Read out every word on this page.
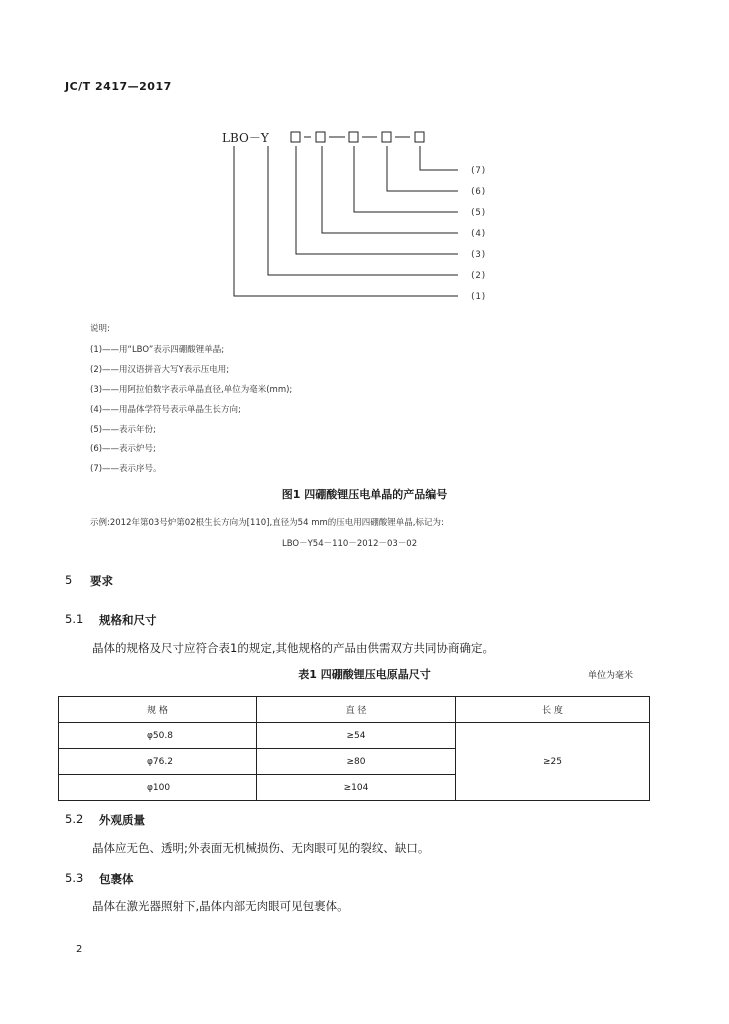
JC/T 2417—2017
LBO－Y
(7)
(6)
(5)
(4)
(3)
(2)
(1)
说明:
(1)——用“LBO”表示四硼酸锂单晶;
(2)——用汉语拼音大写Y表示压电用;
(3)——用阿拉伯数字表示单晶直径,单位为毫米(mm);
(4)——用晶体学符号表示单晶生长方向;
(5)——表示年份;
(6)——表示炉号;
(7)——表示序号。
图1 四硼酸锂压电单晶的产品编号
示例:2012年第03号炉第02根生长方向为[110],直径为54 mm的压电用四硼酸锂单晶,标记为:
LBO－Y54－110－2012－03－02
5 要求
5.1 规格和尺寸
晶体的规格及尺寸应符合表1的规定,其他规格的产品由供需双方共同协商确定。
表1 四硼酸锂压电原晶尺寸	单位为毫米
规 格	直 径	长 度
φ50.8	≥54	≥25
φ76.2	≥80	
φ100	≥104	
5.2 外观质量
晶体应无色、透明;外表面无机械损伤、无肉眼可见的裂纹、缺口。
5.3 包裹体
晶体在激光器照射下,晶体内部无肉眼可见包裹体。
2
